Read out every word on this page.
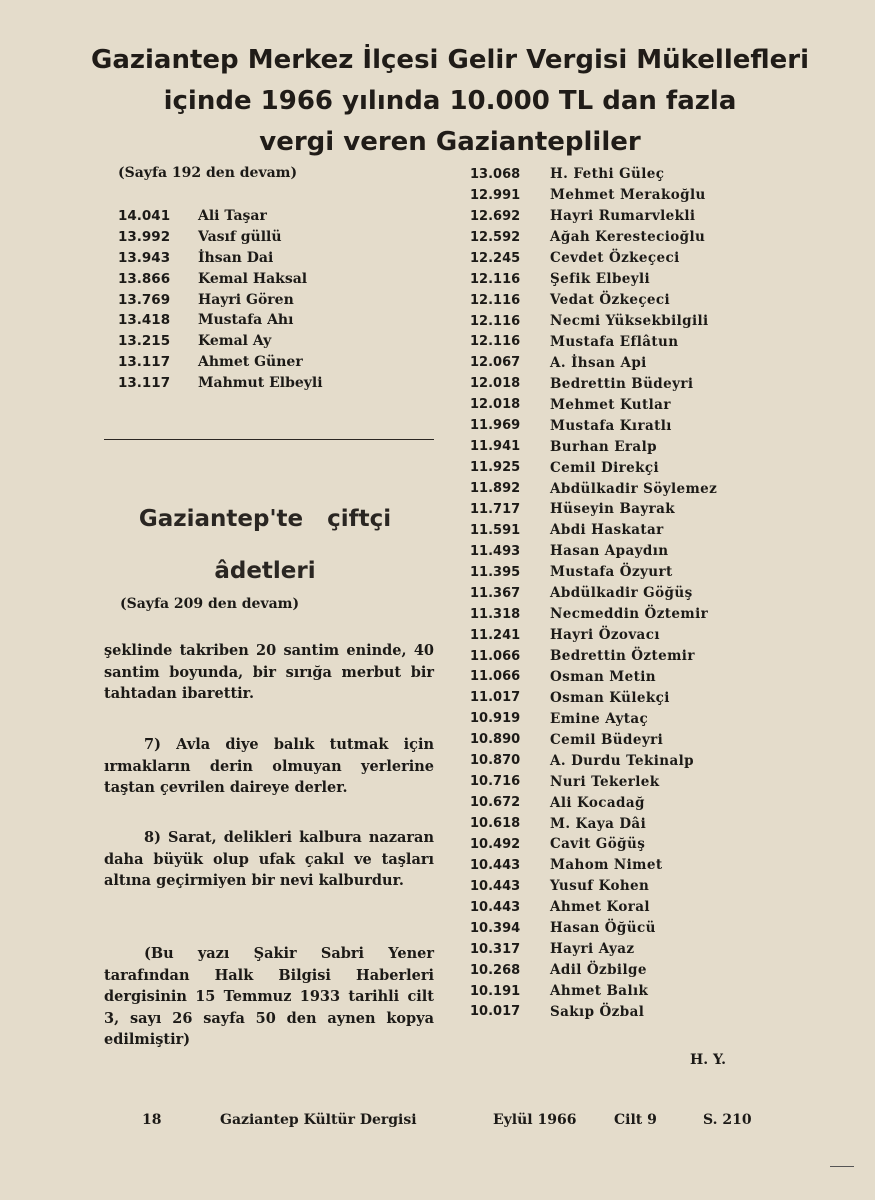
Gaziantep Merkez İlçesi Gelir Vergisi Mükellefleri
içinde 1966 yılında 10.000 TL dan fazla
vergi veren Gaziantepliler
(Sayfa 192 den devam)
14.041	Ali Taşar
13.992	Vasıf güllü
13.943	İhsan Dai
13.866	Kemal Haksal
13.769	Hayri Gören
13.418	Mustafa Ahı
13.215	Kemal Ay
13.117	Ahmet Güner
13.117	Mahmut Elbeyli
Gaziantep'te   çiftçi
âdetleri
(Sayfa 209 den devam)
şeklinde takriben 20 santim eninde, 40 santim boyunda, bir sırığa merbut bir tahtadan ibarettir.
7) Avla diye balık tutmak için ırmakların derin olmuyan yerlerine taştan çevrilen daireye derler.
8) Sarat, delikleri kalbura nazaran daha büyük olup ufak çakıl ve taşları altına geçirmiyen bir nevi kalburdur.
(Bu yazı Şakir Sabri Yener tarafından Halk Bilgisi Haberleri dergisinin 15 Temmuz 1933 tarihli cilt 3, sayı 26 sayfa 50 den aynen kopya edilmiştir)
13.068	H. Fethi Güleç
12.991	Mehmet Merakoğlu
12.692	Hayri Rumarvlekli
12.592	Ağah Kerestecioğlu
12.245	Cevdet Özkeçeci
12.116	Şefik Elbeyli
12.116	Vedat Özkeçeci
12.116	Necmi Yüksekbilgili
12.116	Mustafa Eflâtun
12.067	A. İhsan Api
12.018	Bedrettin Büdeyri
12.018	Mehmet Kutlar
11.969	Mustafa Kıratlı
11.941	Burhan Eralp
11.925	Cemil Direkçi
11.892	Abdülkadir Söylemez
11.717	Hüseyin Bayrak
11.591	Abdi Haskatar
11.493	Hasan Apaydın
11.395	Mustafa Özyurt
11.367	Abdülkadir Göğüş
11.318	Necmeddin Öztemir
11.241	Hayri Özovacı
11.066	Bedrettin Öztemir
11.066	Osman Metin
11.017	Osman Külekçi
10.919	Emine Aytaç
10.890	Cemil Büdeyri
10.870	A. Durdu Tekinalp
10.716	Nuri Tekerlek
10.672	Ali Kocadağ
10.618	M. Kaya Dâi
10.492	Cavit Göğüş
10.443	Mahom Nimet
10.443	Yusuf Kohen
10.443	Ahmet Koral
10.394	Hasan Öğücü
10.317	Hayri Ayaz
10.268	Adil Özbilge
10.191	Ahmet Balık
10.017	Sakıp Özbal
H. Y.
18	Gaziantep Kültür Dergisi	Eylül 1966	Cilt 9	S. 210
